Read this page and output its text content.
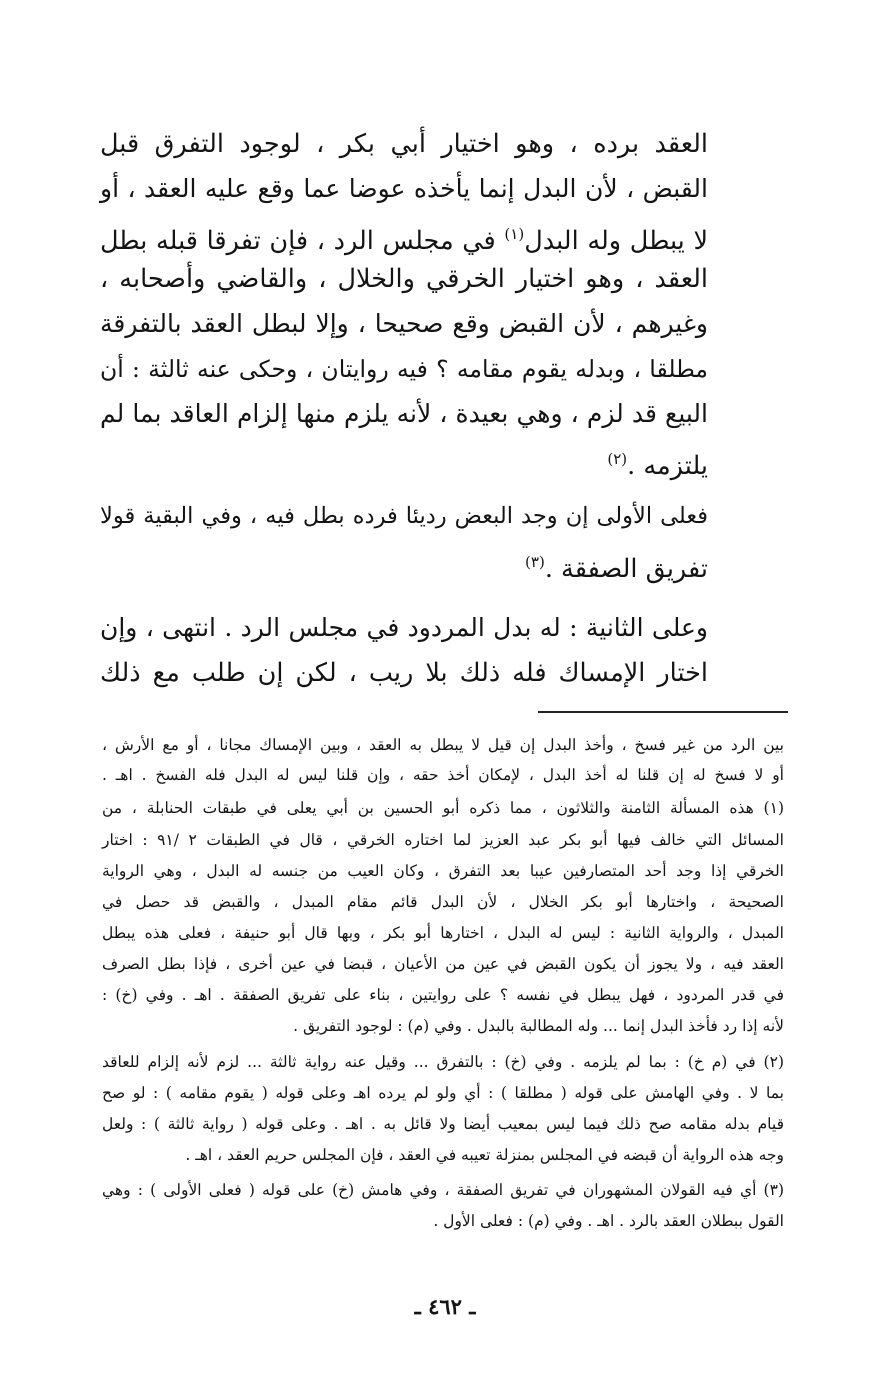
العقد برده ، وهو اختيار أبي بكر ، لوجود التفرق قبل
القبض ، لأن البدل إنما يأخذه عوضا عما وقع عليه العقد ، أو
لا يبطل وله البدل$^{(١)}$ في مجلس الرد ، فإن تفرقا قبله بطل
العقد ، وهو اختيار الخرقي والخلال ، والقاضي وأصحابه ،
وغيرهم ، لأن القبض وقع صحيحا ، وإلا لبطل العقد بالتفرقة
مطلقا ، وبدله يقوم مقامه ؟ فيه روايتان ، وحكى عنه ثالثة : أن
البيع قد لزم ، وهي بعيدة ، لأنه يلزم منها إلزام العاقد بما لم
يلتزمه .$^{(٢)}$
فعلى الأولى إن وجد البعض رديئا فرده بطل فيه ، وفي البقية قولا
تفريق الصفقة .$^{(٣)}$
وعلى الثانية : له بدل المردود في مجلس الرد . انتهى ، وإن
اختار الإمساك فله ذلك بلا ريب ، لكن إن طلب مع ذلك
بين الرد من غير فسخ ، وأخذ البدل إن قيل لا يبطل به العقد ، وبين الإمساك مجانا ، أو مع الأرش ،
أو لا فسخ له إن قلنا له أخذ البدل ، لإمكان أخذ حقه ، وإن قلنا ليس له البدل فله الفسخ . اهـ .
(١) هذه المسألة الثامنة والثلاثون ، مما ذكره أبو الحسين بن أبي يعلى في طبقات الحنابلة ، من
المسائل التي خالف فيها أبو بكر عبد العزيز لما اختاره الخرقي ، قال في الطبقات ٢ /٩١ : اختار
الخرقي إذا وجد أحد المتصارفين عيبا بعد التفرق ، وكان العيب من جنسه له البدل ، وهي الرواية
الصحيحة ، واختارها أبو بكر الخلال ، لأن البدل قائم مقام المبدل ، والقبض قد حصل في
المبدل ، والرواية الثانية : ليس له البدل ، اختارها أبو بكر ، وبها قال أبو حنيفة ، فعلى هذه يبطل
العقد فيه ، ولا يجوز أن يكون القبض في عين من الأعيان ، قبضا في عين أخرى ، فإذا بطل الصرف
في قدر المردود ، فهل يبطل في نفسه ؟ على روايتين ، بناء على تفريق الصفقة . اهـ . وفي (خ) :
لأنه إذا رد فأخذ البدل إنما ... وله المطالبة بالبدل . وفي (م) : لوجود التفريق .
(٢) في (م خ) : بما لم يلزمه . وفي (خ) : بالتفرق ... وقيل عنه رواية ثالثة ... لزم لأنه إلزام للعاقد
بما لا . وفي الهامش على قوله ( مطلقا ) : أي ولو لم يرده اهـ وعلى قوله ( يقوم مقامه ) : لو صح
قيام بدله مقامه صح ذلك فيما ليس بمعيب أيضا ولا قائل به . اهـ . وعلى قوله ( رواية ثالثة ) : ولعل
وجه هذه الرواية أن قبضه في المجلس بمنزلة تعيبه في العقد ، فإن المجلس حريم العقد ، اهـ .
(٣) أي فيه القولان المشهوران في تفريق الصفقة ، وفي هامش (خ) على قوله ( فعلى الأولى ) : وهي
القول ببطلان العقد بالرد . اهـ . وفي (م) : فعلى الأول .
ـ ٤٦٢ ـ
